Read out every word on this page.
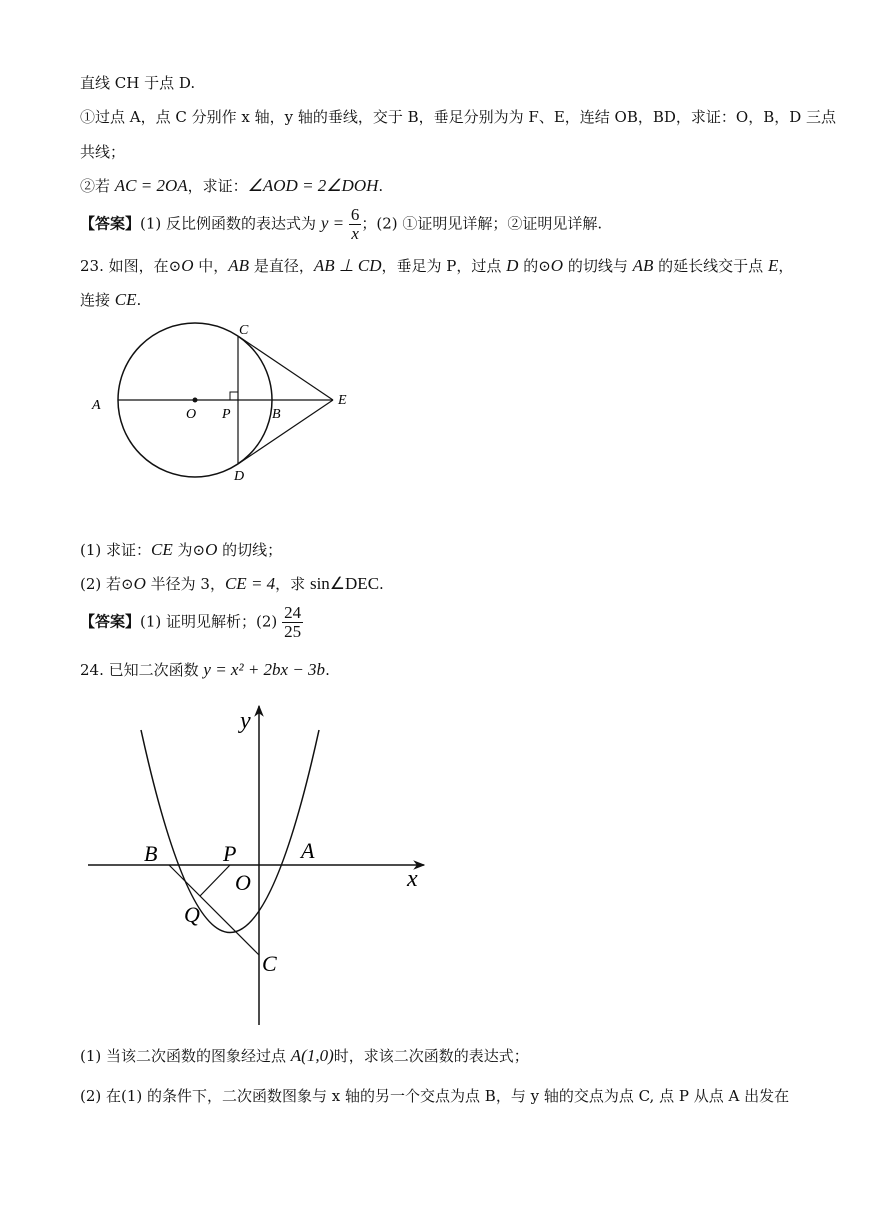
直线 CH 于点 D.
①过点 A，点 C 分别作 x 轴，y 轴的垂线，交于 B，垂足分别为为 F、E，连结 OB，BD，求证：O，B，D 三点
共线；
②若 AC = 2OA，求证：∠AOD = 2∠DOH.
【答案】(1) 反比例函数的表达式为 $y = \frac{6}{x}$ ；(2) ①证明见详解；②证明见详解.
23. 如图，在⊙O 中，AB 是直径，AB ⊥ CD，垂足为 P，过点 D 的⊙O 的切线与 AB 的延长线交于点 E，
连接 CE.
A
O P	B
E
C
D
(1) 求证：CE 为⊙O 的切线；
(2) 若⊙O 半径为 3，CE = 4，求 sin∠DEC.
【答案】(1) 证明见解析；$(2) \frac{24}{25}$
24. 已知二次函数 y = x² + 2bx − 3b.
y
x
B	P	A
O
Q
C
(1) 当该二次函数的图象经过点 A(1,0)时，求该二次函数的表达式；
(2) 在(1) 的条件下，二次函数图象与 x 轴的另一个交点为点 B，与 y 轴的交点为点 C, 点 P 从点 A 出发在
